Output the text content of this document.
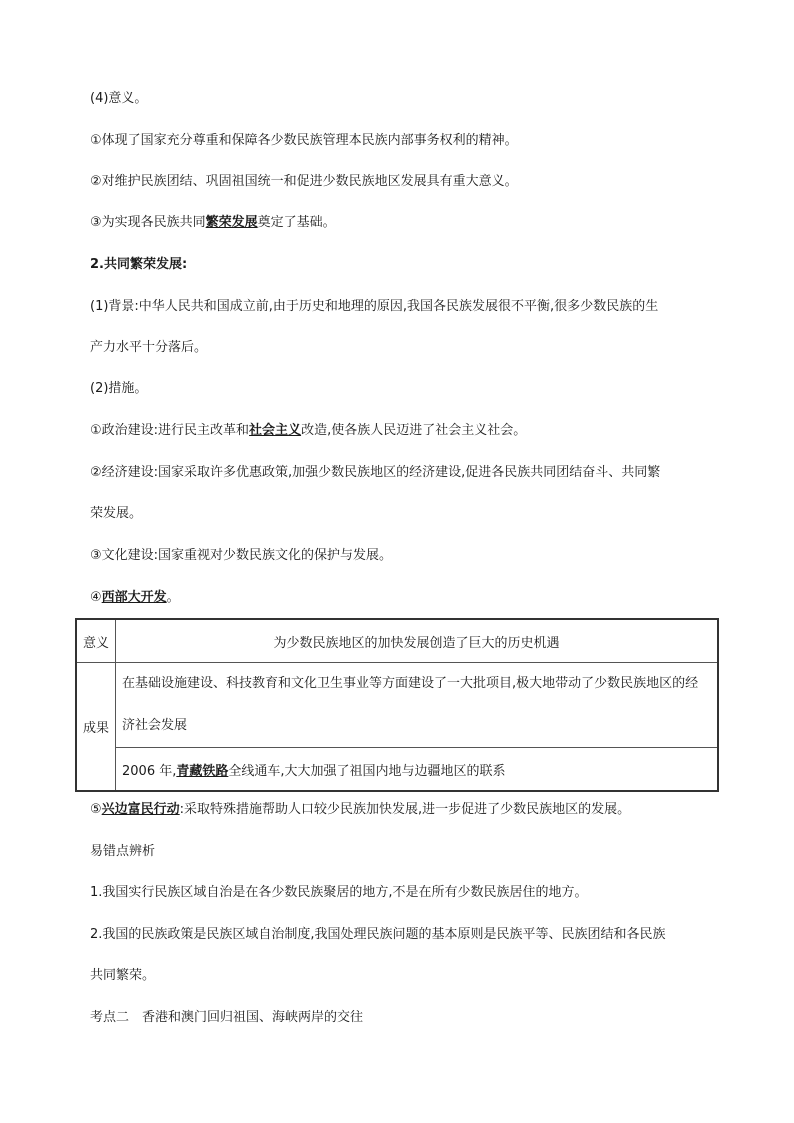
(4)意义。
①体现了国家充分尊重和保障各少数民族管理本民族内部事务权利的精神。
②对维护民族团结、巩固祖国统一和促进少数民族地区发展具有重大意义。
③为实现各民族共同繁荣发展奠定了基础。
2.共同繁荣发展:
(1)背景:中华人民共和国成立前,由于历史和地理的原因,我国各民族发展很不平衡,很多少数民族的生
产力水平十分落后。
(2)措施。
①政治建设:进行民主改革和社会主义改造,使各族人民迈进了社会主义社会。
②经济建设:国家采取许多优惠政策,加强少数民族地区的经济建设,促进各民族共同团结奋斗、共同繁
荣发展。
③文化建设:国家重视对少数民族文化的保护与发展。
④西部大开发。
⑤兴边富民行动:采取特殊措施帮助人口较少民族加快发展,进一步促进了少数民族地区的发展。
易错点辨析
1.我国实行民族区域自治是在各少数民族聚居的地方,不是在所有少数民族居住的地方。
2.我国的民族政策是民族区域自治制度,我国处理民族问题的基本原则是民族平等、民族团结和各民族
共同繁荣。
考点二　香港和澳门回归祖国、海峡两岸的交往
意义	为少数民族地区的加快发展创造了巨大的历史机遇
成果	在基础设施建设、科技教育和文化卫生事业等方面建设了一大批项目,极大地带动了少数民族地区的经济社会发展
	2006 年,青藏铁路全线通车,大大加强了祖国内地与边疆地区的联系
